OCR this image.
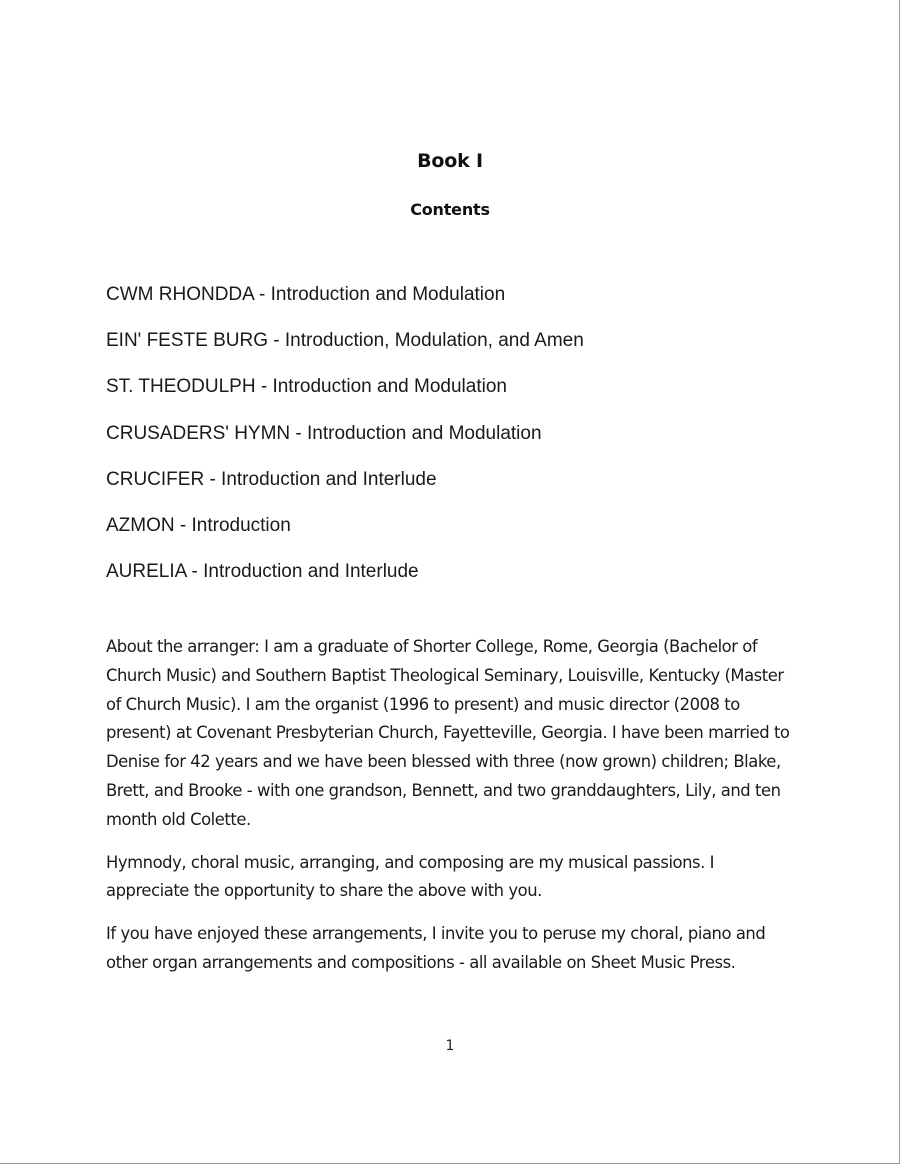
Book I
Contents
CWM RHONDDA - Introduction and Modulation
EIN' FESTE BURG - Introduction, Modulation, and Amen
ST. THEODULPH - Introduction and Modulation
CRUSADERS' HYMN - Introduction and Modulation
CRUCIFER - Introduction and Interlude
AZMON - Introduction
AURELIA - Introduction and Interlude

About the arranger: I am a graduate of Shorter College, Rome, Georgia (Bachelor of Church Music) and Southern Baptist Theological Seminary, Louisville, Kentucky (Master of Church Music). I am the organist (1996 to present) and music director (2008 to present) at Covenant Presbyterian Church, Fayetteville, Georgia. I have been married to Denise for 42 years and we have been blessed with three (now grown) children; Blake, Brett, and Brooke - with one grandson, Bennett, and two granddaughters, Lily, and ten month old Colette.

Hymnody, choral music, arranging, and composing are my musical passions. I appreciate the opportunity to share the above with you.

If you have enjoyed these arrangements, I invite you to peruse my choral, piano and other organ arrangements and compositions - all available on Sheet Music Press.

1
